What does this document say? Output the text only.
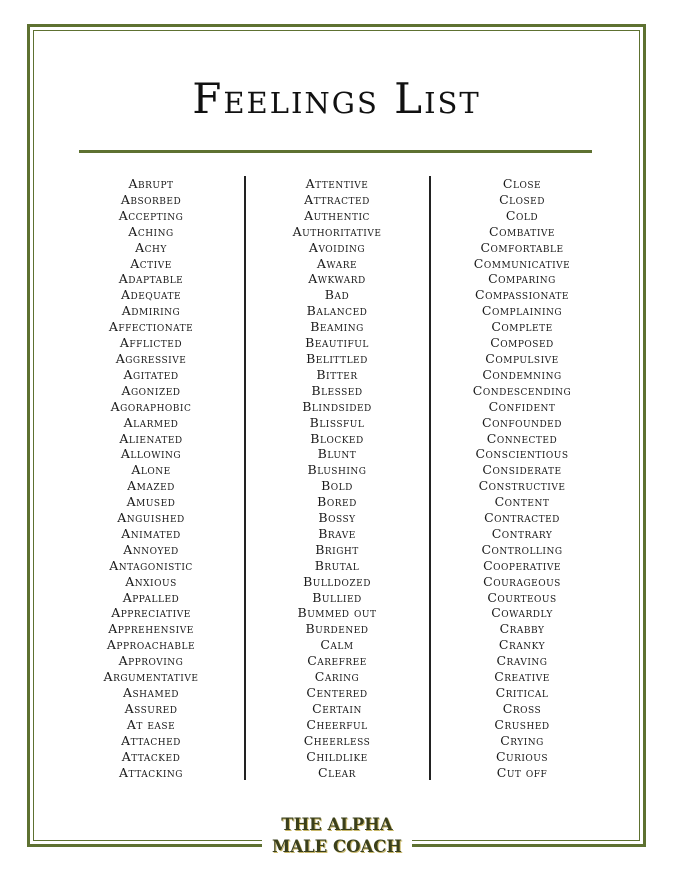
Feelings List
Abrupt
Absorbed
Accepting
Aching
Achy
Active
Adaptable
Adequate
Admiring
Affectionate
Afflicted
Aggressive
Agitated
Agonized
Agoraphobic
Alarmed
Alienated
Allowing
Alone
Amazed
Amused
Anguished
Animated
Annoyed
Antagonistic
Anxious
Appalled
Appreciative
Apprehensive
Approachable
Approving
Argumentative
Ashamed
Assured
At ease
Attached
Attacked
Attacking
Attentive
Attracted
Authentic
Authoritative
Avoiding
Aware
Awkward
Bad
Balanced
Beaming
Beautiful
Belittled
Bitter
Blessed
Blindsided
Blissful
Blocked
Blunt
Blushing
Bold
Bored
Bossy
Brave
Bright
Brutal
Bulldozed
Bullied
Bummed out
Burdened
Calm
Carefree
Caring
Centered
Certain
Cheerful
Cheerless
Childlike
Clear
Close
Closed
Cold
Combative
Comfortable
Communicative
Comparing
Compassionate
Complaining
Complete
Composed
Compulsive
Condemning
Condescending
Confident
Confounded
Connected
Conscientious
Considerate
Constructive
Content
Contracted
Contrary
Controlling
Cooperative
Courageous
Courteous
Cowardly
Crabby
Cranky
Craving
Creative
Critical
Cross
Crushed
Crying
Curious
Cut off
THE ALPHA
MALE COACH
